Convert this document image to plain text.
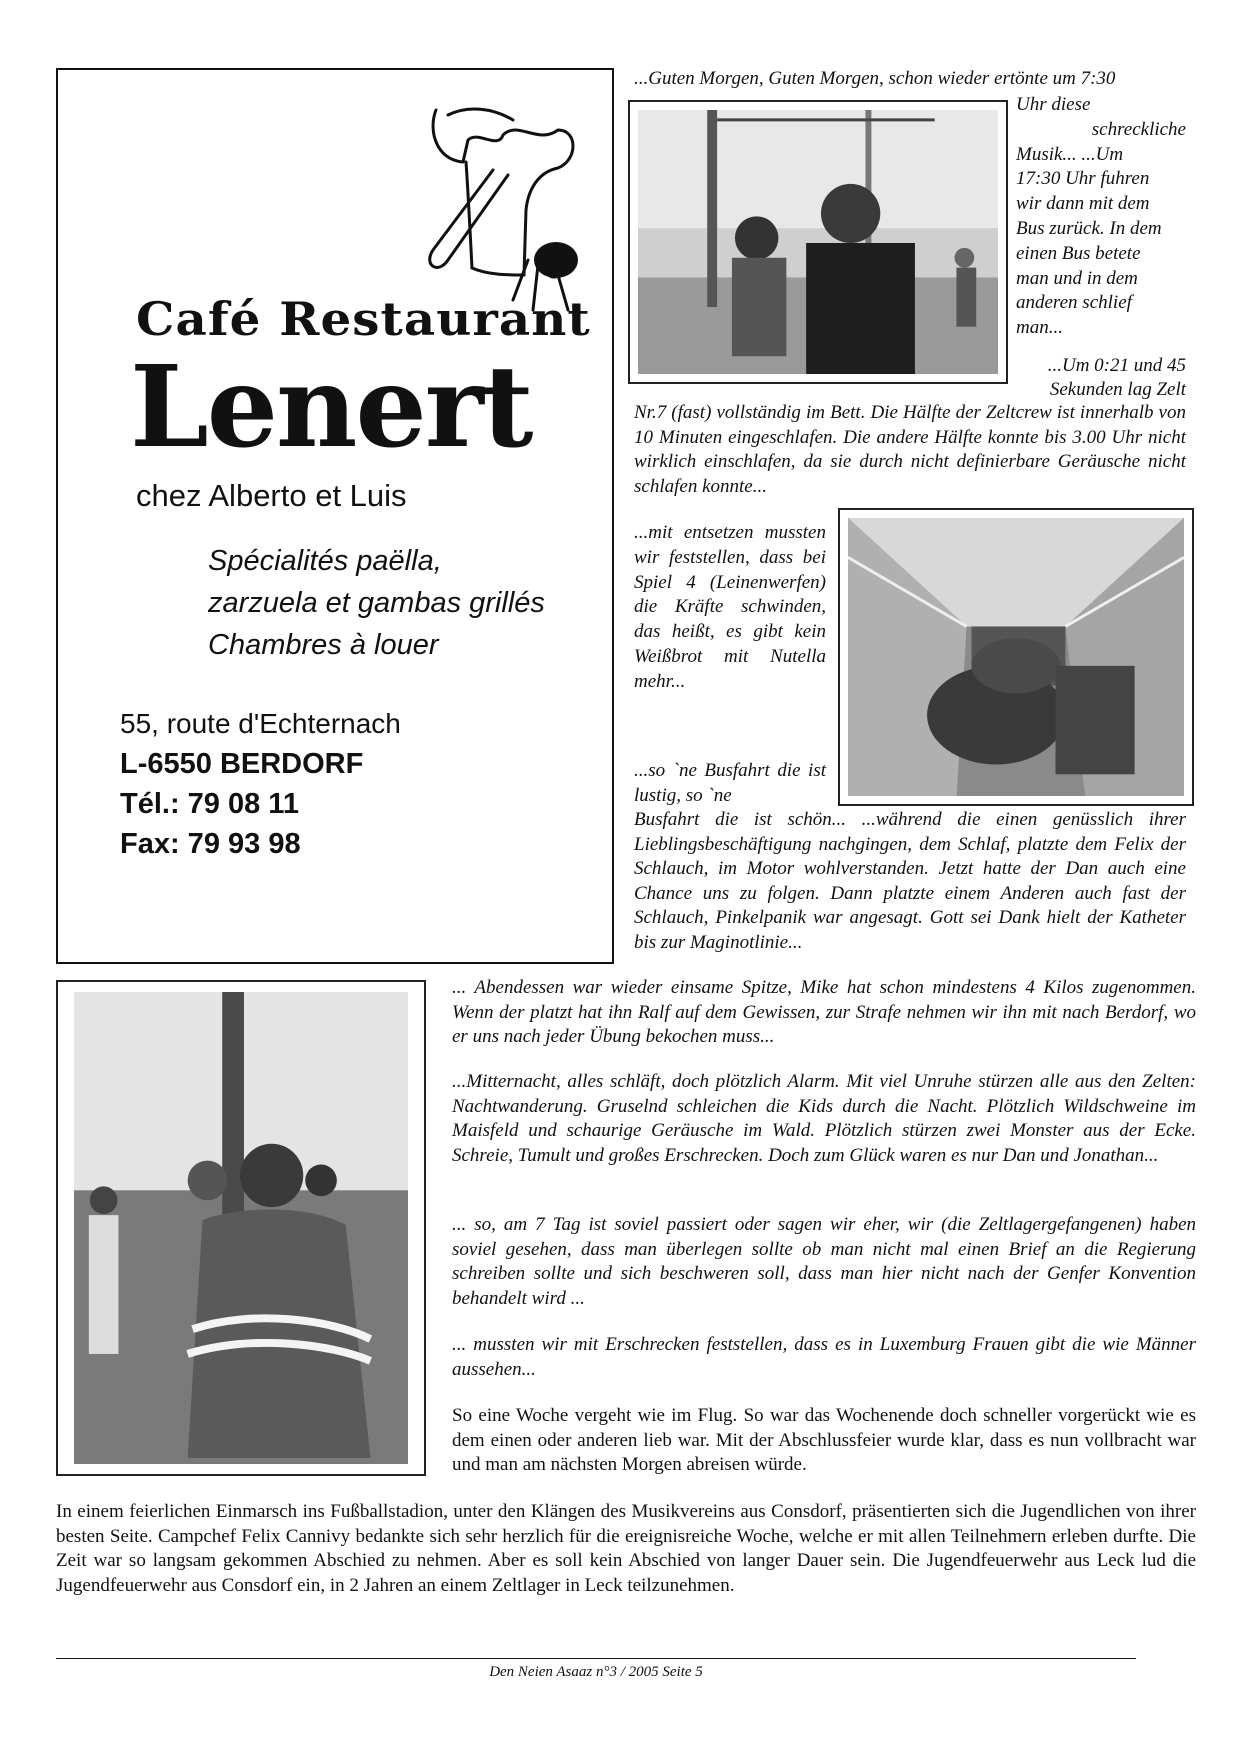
Café Restaurant
Lenert
chez Alberto et Luis
Spécialités paëlla,
zarzuela et gambas grillés
Chambres à louer
55, route d'Echternach
L-6550 BERDORF
Tél.: 79 08 11
Fax: 79 93 98
...Guten Morgen, Guten Morgen, schon wieder ertönte um 7:30
Uhr diese
schreckliche
Musik... ...Um
17:30 Uhr fuhren
wir dann mit dem
Bus zurück. In dem
einen Bus betete
man und in dem
anderen schlief
man...
...Um 0:21 und 45
Sekunden lag Zelt
Nr.7 (fast) vollständig im Bett. Die Hälfte der Zeltcrew ist innerhalb von 10 Minuten eingeschlafen. Die andere Hälfte konnte bis 3.00 Uhr nicht wirklich einschlafen, da sie durch nicht definierbare Geräusche nicht schlafen konnte...
...mit entsetzen mussten wir feststellen, dass bei Spiel 4 (Leinenwerfen) die Kräfte schwinden, das heißt, es gibt kein Weißbrot mit Nutella mehr...
...so `ne Busfahrt die ist lustig, so `ne
Busfahrt die ist schön... ...während die einen genüsslich ihrer Lieblingsbeschäftigung nachgingen, dem Schlaf, platzte dem Felix der Schlauch, im Motor wohlverstanden. Jetzt hatte der Dan auch eine Chance uns zu folgen. Dann platzte einem Anderen auch fast der Schlauch, Pinkelpanik war angesagt. Gott sei Dank hielt der Katheter bis zur Maginotlinie...
... Abendessen war wieder einsame Spitze, Mike hat schon mindestens 4 Kilos zugenommen. Wenn der platzt hat ihn Ralf auf dem Gewissen, zur Strafe nehmen wir ihn mit nach Berdorf, wo er uns nach jeder Übung bekochen muss...
...Mitternacht, alles schläft, doch plötzlich Alarm. Mit viel Unruhe stürzen alle aus den Zelten: Nachtwanderung. Gruselnd schleichen die Kids durch die Nacht. Plötzlich Wildschweine im Maisfeld und schaurige Geräusche im Wald. Plötzlich stürzen zwei Monster aus der Ecke. Schreie, Tumult und großes Erschrecken. Doch zum Glück waren es nur Dan und Jonathan...
... so, am 7 Tag ist soviel passiert oder sagen wir eher, wir (die Zeltlagergefangenen) haben soviel gesehen, dass man überlegen sollte ob man nicht mal einen Brief an die Regierung schreiben sollte und sich beschweren soll, dass man hier nicht nach der Genfer Konvention behandelt wird ...
... mussten wir mit Erschrecken feststellen, dass es in Luxemburg Frauen gibt die wie Männer aussehen...
So eine Woche vergeht wie im Flug. So war das Wochenende doch schneller vorgerückt wie es dem einen oder anderen lieb war. Mit der Abschlussfeier wurde klar, dass es nun vollbracht war und man am nächsten Morgen abreisen würde.
In einem feierlichen Einmarsch ins Fußballstadion, unter den Klängen des Musikvereins aus Consdorf, präsentierten sich die Jugendlichen von ihrer besten Seite. Campchef Felix Cannivy bedankte sich sehr herzlich für die ereignisreiche Woche, welche er mit allen Teilnehmern erleben durfte. Die Zeit war so langsam gekommen Abschied zu nehmen. Aber es soll kein Abschied von langer Dauer sein. Die Jugendfeuerwehr aus Leck lud die Jugendfeuerwehr aus Consdorf ein, in 2 Jahren an einem Zeltlager in Leck teilzunehmen.
Den Neien Asaaz n°3 / 2005 Seite 5
